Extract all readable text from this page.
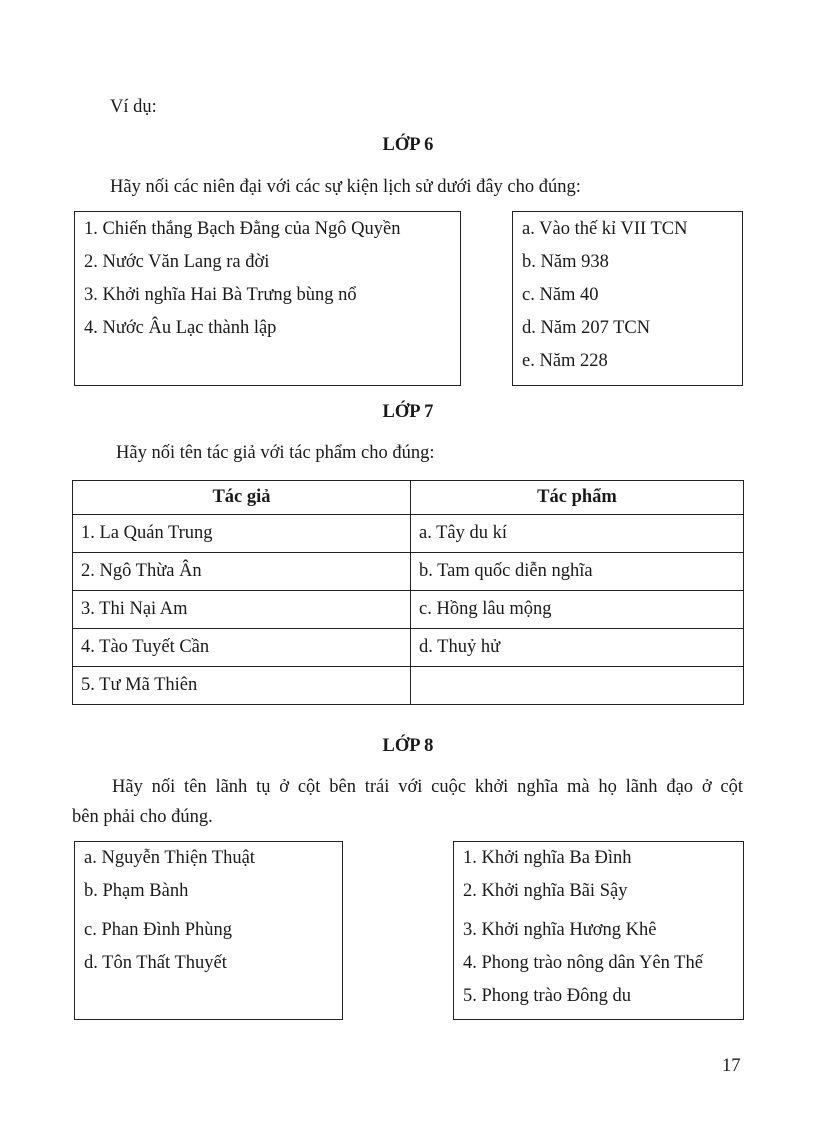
Ví dụ:
LỚP 6
Hãy nối các niên đại với các sự kiện lịch sử dưới đây cho đúng:
1. Chiến thắng Bạch Đằng của Ngô Quyền
2. Nước Văn Lang ra đời
3. Khởi nghĩa Hai Bà Trưng bùng nổ
4. Nước Âu Lạc thành lập
a. Vào thế kỉ VII TCN
b. Năm 938
c. Năm 40
d. Năm 207 TCN
e. Năm 228
LỚP 7
Hãy nối tên tác giả với tác phẩm cho đúng:
Tác giả	Tác phẩm
1. La Quán Trung	a. Tây du kí
2. Ngô Thừa Ân	b. Tam quốc diễn nghĩa
3. Thi Nại Am	c. Hồng lâu mộng
4. Tào Tuyết Cần	d. Thuỷ hử
5. Tư Mã Thiên	
LỚP 8
Hãy nối tên lãnh tụ ở cột bên trái với cuộc khởi nghĩa mà họ lãnh đạo ở cột
bên phải cho đúng.
a. Nguyễn Thiện Thuật
b. Phạm Bành
c. Phan Đình Phùng
d. Tôn Thất Thuyết
1. Khởi nghĩa Ba Đình
2. Khởi nghĩa Bãi Sậy
3. Khởi nghĩa Hương Khê
4. Phong trào nông dân Yên Thế
5. Phong trào Đông du
17
